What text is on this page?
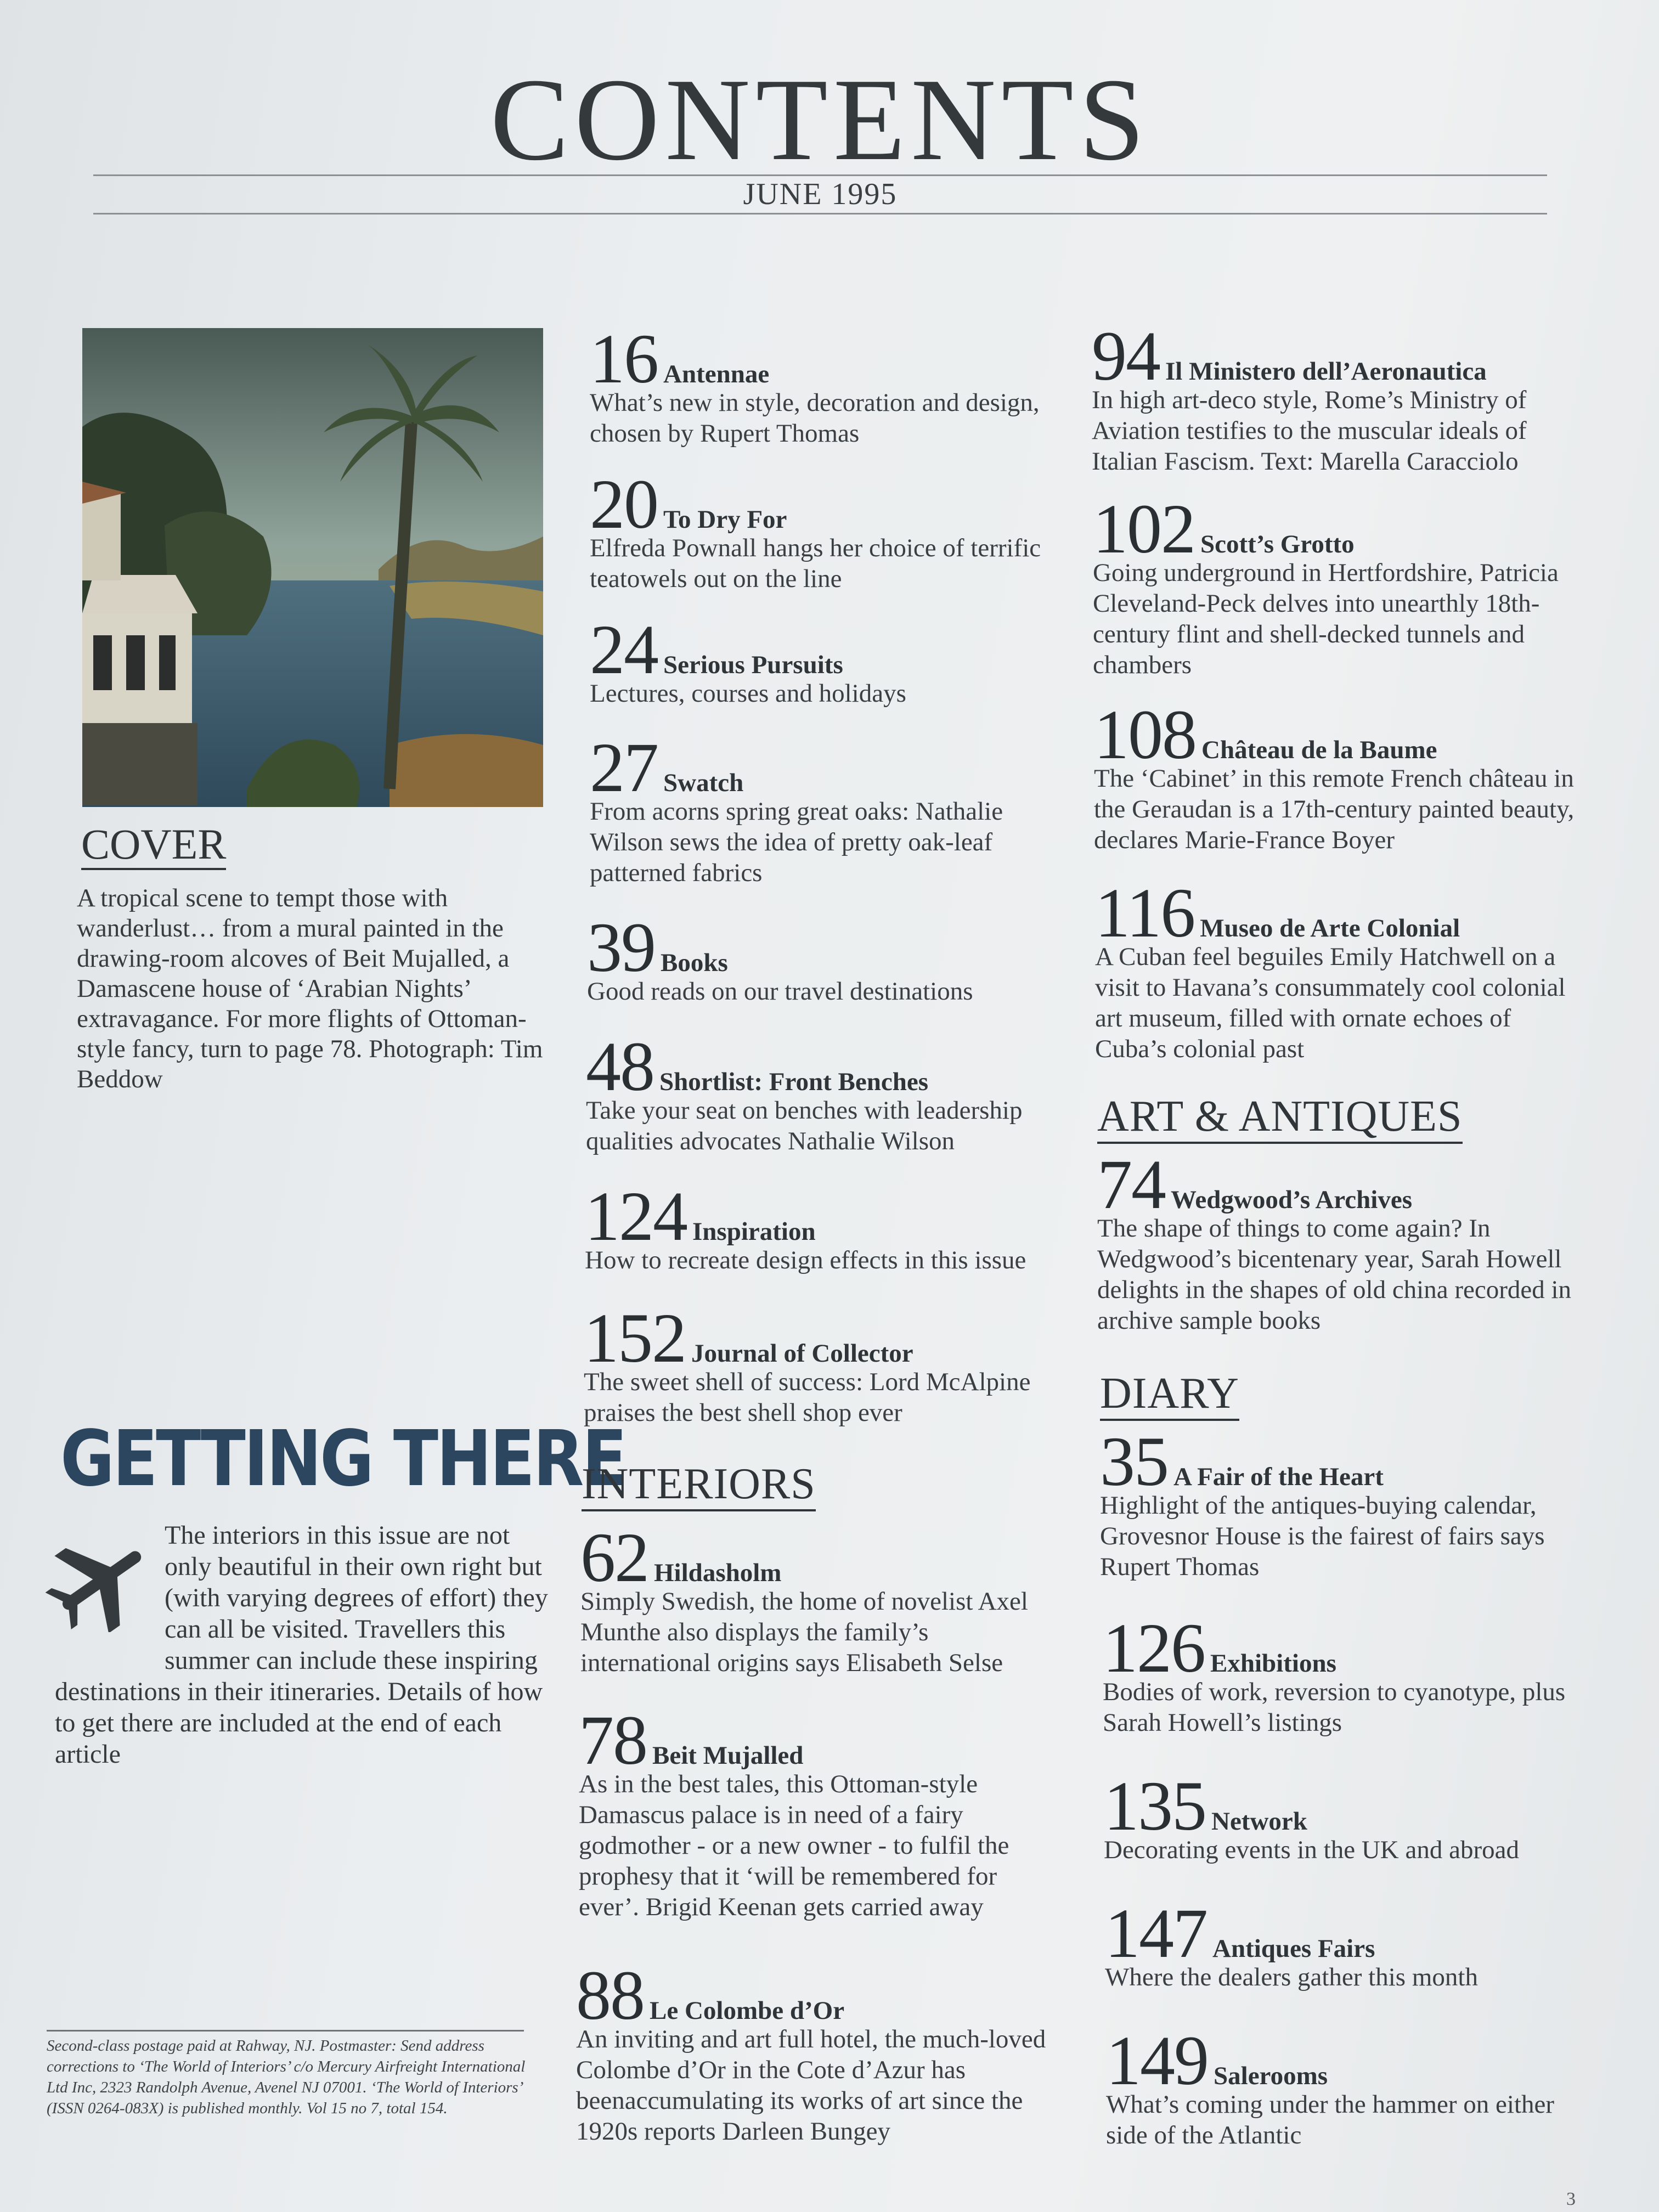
CONTENTS
JUNE 1995
COVER
A tropical scene to tempt those with wanderlust… from a mural painted in the drawing-room alcoves of Beit Mujalled, a Damascene house of ‘Arabian Nights’ extravagance. For more flights of Ottoman-style fancy, turn to page 78. Photograph: Tim Beddow
GETTING THERE
The interiors in this issue are not only beautiful in their own right but (with varying degrees of effort) they can all be visited. Travellers this summer can include these inspiring destinations in their itineraries. Details of how to get there are included at the end of each article
Second-class postage paid at Rahway, NJ. Postmaster: Send address corrections to ‘The World of Interiors’ c/o Mercury Airfreight International Ltd Inc, 2323 Randolph Avenue, Avenel NJ 07001. ‘The World of Interiors’ (ISSN 0264-083X) is published monthly. Vol 15 no 7, total 154.
16 Antennae
What’s new in style, decoration and design, chosen by Rupert Thomas
20 To Dry For
Elfreda Pownall hangs her choice of terrific teatowels out on the line
24 Serious Pursuits
Lectures, courses and holidays
27 Swatch
From acorns spring great oaks: Nathalie Wilson sews the idea of pretty oak-leaf patterned fabrics
39 Books
Good reads on our travel destinations
48 Shortlist: Front Benches
Take your seat on benches with leadership qualities advocates Nathalie Wilson
124 Inspiration
How to recreate design effects in this issue
152 Journal of Collector
The sweet shell of success: Lord McAlpine praises the best shell shop ever
INTERIORS
62 Hildasholm
Simply Swedish, the home of novelist Axel Munthe also displays the family’s international origins says Elisabeth Selse
78 Beit Mujalled
As in the best tales, this Ottoman-style Damascus palace is in need of a fairy godmother - or a new owner - to fulfil the prophesy that it ‘will be remembered for ever’. Brigid Keenan gets carried away
88 Le Colombe d’Or
An inviting and art full hotel, the much-loved Colombe d’Or in the Cote d’Azur has beenaccumulating its works of art since the 1920s reports Darleen Bungey
94 Il Ministero dell’Aeronautica
In high art-deco style, Rome’s Ministry of Aviation testifies to the muscular ideals of Italian Fascism. Text: Marella Caracciolo
102 Scott’s Grotto
Going underground in Hertfordshire, Patricia Cleveland-Peck delves into unearthly 18th-century flint and shell-decked tunnels and chambers
108 Château de la Baume
The ‘Cabinet’ in this remote French château in the Geraudan is a 17th-century painted beauty, declares Marie-France Boyer
116 Museo de Arte Colonial
A Cuban feel beguiles Emily Hatchwell on a visit to Havana’s consummately cool colonial art museum, filled with ornate echoes of Cuba’s colonial past
ART & ANTIQUES
74 Wedgwood’s Archives
The shape of things to come again? In Wedgwood’s bicentenary year, Sarah Howell delights in the shapes of old china recorded in archive sample books
DIARY
35 A Fair of the Heart
Highlight of the antiques-buying calendar, Grovesnor House is the fairest of fairs says Rupert Thomas
126 Exhibitions
Bodies of work, reversion to cyanotype, plus Sarah Howell’s listings
135 Network
Decorating events in the UK and abroad
147 Antiques Fairs
Where the dealers gather this month
149 Salerooms
What’s coming under the hammer on either side of the Atlantic
3
